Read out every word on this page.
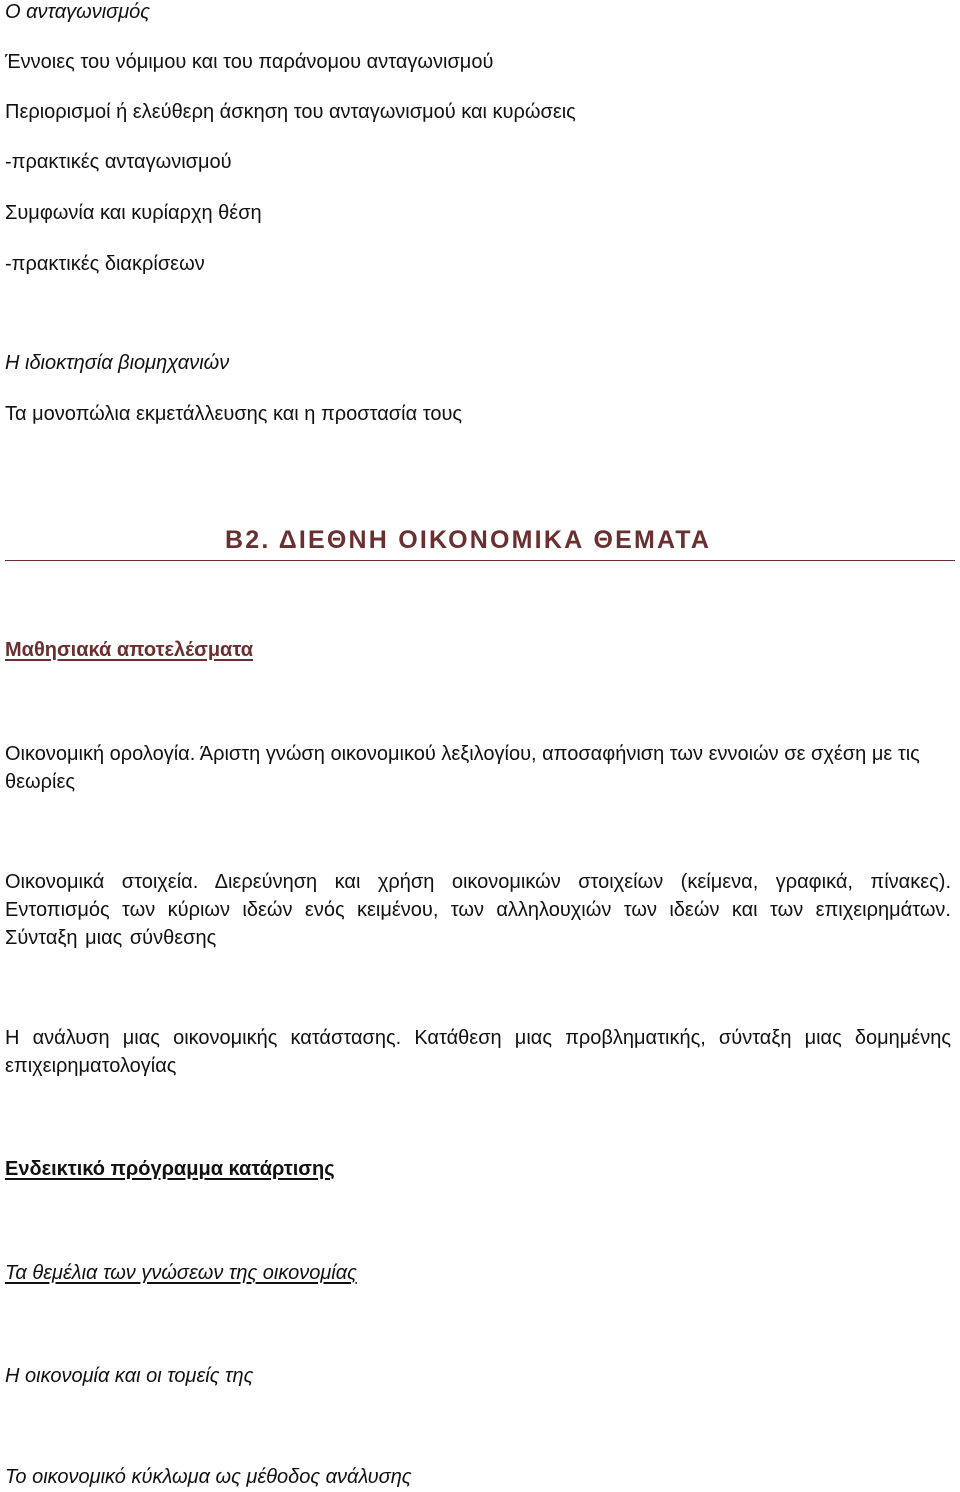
Ο ανταγωνισμός

Έννοιες του νόμιμου και του παράνομου ανταγωνισμού

Περιορισμοί ή ελεύθερη άσκηση του ανταγωνισμού και κυρώσεις

-πρακτικές ανταγωνισμού

Συμφωνία και κυρίαρχη θέση

-πρακτικές διακρίσεων

Η ιδιοκτησία βιομηχανιών

Τα μονοπώλια εκμετάλλευσης και η προστασία τους

Β2. ΔΙΕΘΝΗ ΟΙΚΟΝΟΜΙΚΑ ΘΕΜΑΤΑ
Μαθησιακά αποτελέσματα

Οικονομική ορολογία. Άριστη γνώση οικονομικού λεξιλογίου, αποσαφήνιση των εννοιών σε σχέση με τις θεωρίες

Οικονομικά στοιχεία. Διερεύνηση και χρήση οικονομικών στοιχείων (κείμενα, γραφικά, πίνακες). Εντοπισμός των κύριων ιδεών ενός κειμένου, των αλληλουχιών των ιδεών και των επιχειρημάτων. Σύνταξη μιας σύνθεσης

Η ανάλυση μιας οικονομικής κατάστασης. Κατάθεση μιας προβληματικής, σύνταξη μιας δομημένης επιχειρηματολογίας

Ενδεικτικό πρόγραμμα κατάρτισης

Τα θεμέλια των γνώσεων της οικονομίας

Η οικονομία και οι τομείς της

Το οικονομικό κύκλωμα ως μέθοδος ανάλυσης
